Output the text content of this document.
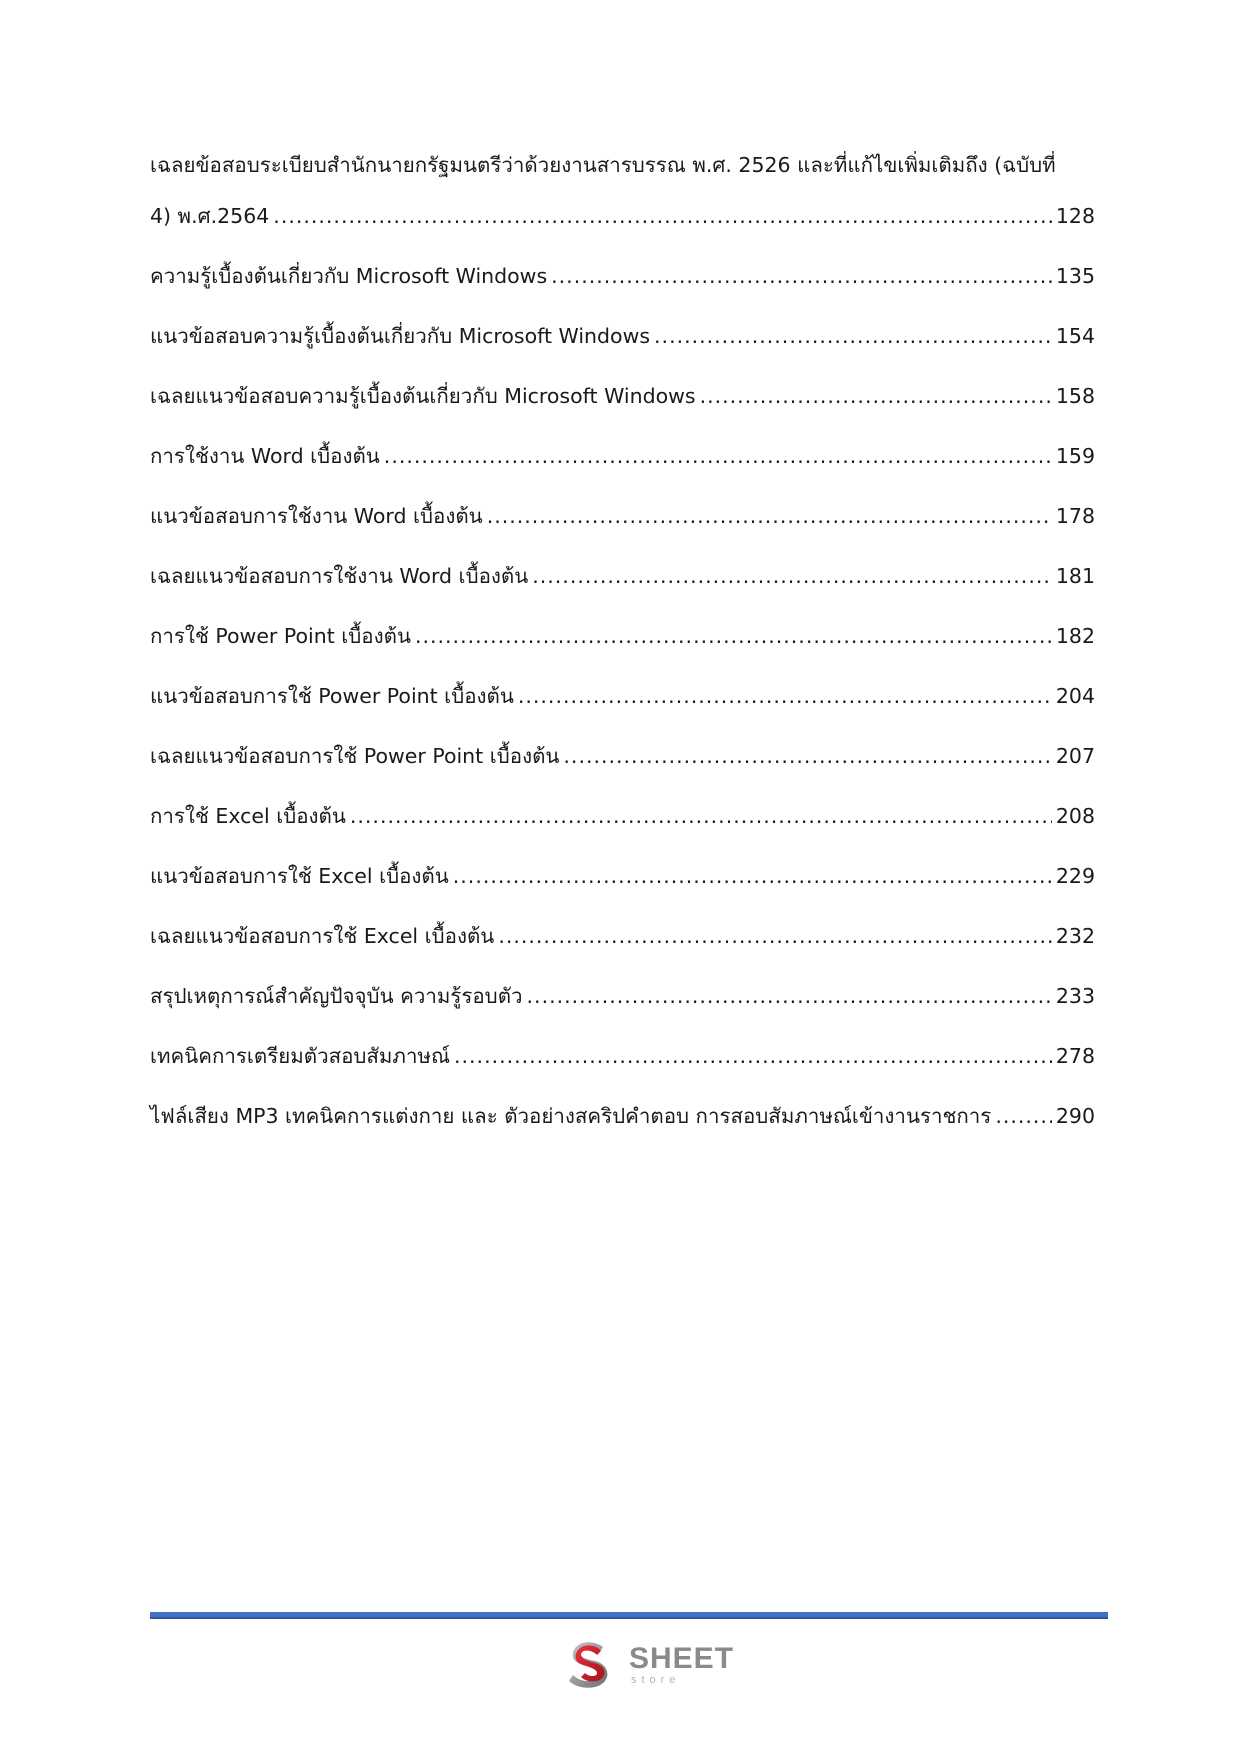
เฉลยข้อสอบระเบียบสำนักนายกรัฐมนตรีว่าด้วยงานสารบรรณ พ.ศ. 2526 และที่แก้ไขเพิ่มเติมถึง (ฉบับที่
4) พ.ศ.2564 .....	128
ความรู้เบื้องต้นเกี่ยวกับ Microsoft Windows .....	135
แนวข้อสอบความรู้เบื้องต้นเกี่ยวกับ Microsoft Windows .....	154
เฉลยแนวข้อสอบความรู้เบื้องต้นเกี่ยวกับ Microsoft Windows .....	158
การใช้งาน Word เบื้องต้น .....	159
แนวข้อสอบการใช้งาน Word เบื้องต้น .....	178
เฉลยแนวข้อสอบการใช้งาน Word เบื้องต้น .....	181
การใช้ Power Point เบื้องต้น .....	182
แนวข้อสอบการใช้ Power Point เบื้องต้น .....	204
เฉลยแนวข้อสอบการใช้ Power Point เบื้องต้น .....	207
การใช้ Excel เบื้องต้น .....	208
แนวข้อสอบการใช้ Excel เบื้องต้น .....	229
เฉลยแนวข้อสอบการใช้ Excel เบื้องต้น .....	232
สรุปเหตุการณ์สำคัญปัจจุบัน ความรู้รอบตัว .....	233
เทคนิคการเตรียมตัวสอบสัมภาษณ์ .....	278
ไฟล์เสียง MP3 เทคนิคการแต่งกาย และ ตัวอย่างสคริปคำตอบ การสอบสัมภาษณ์เข้างานราชการ .....	290
SHEET
store
